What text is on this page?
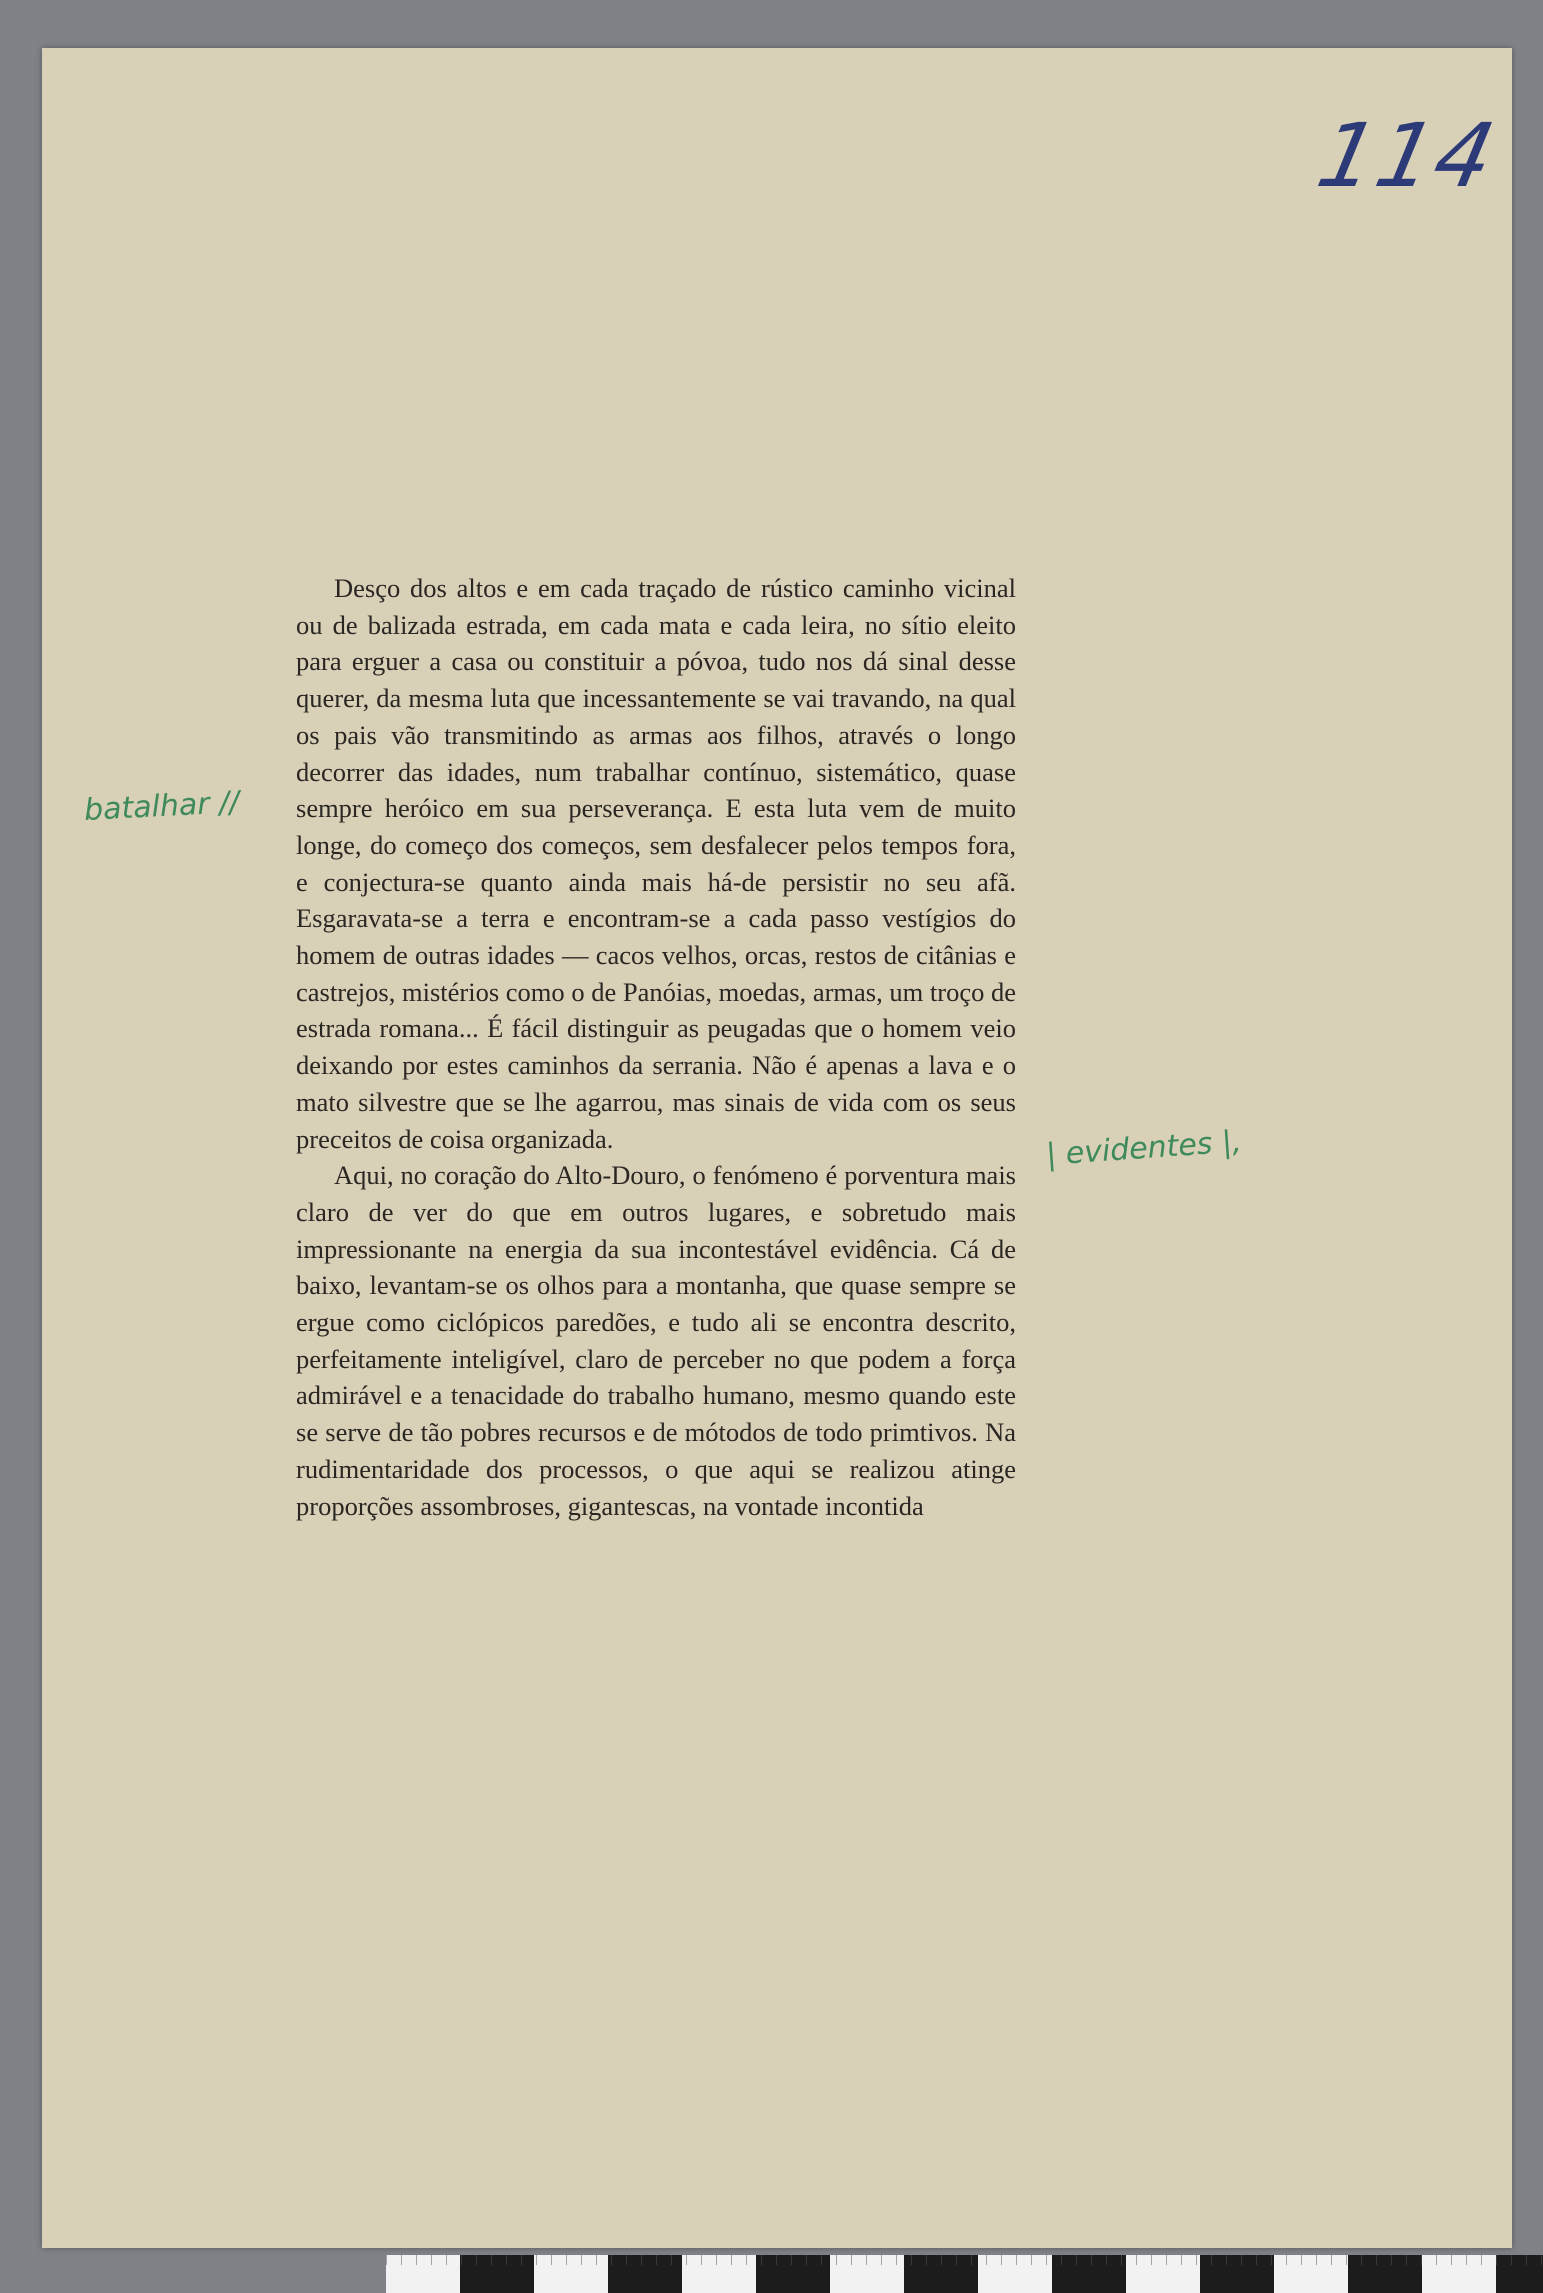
114

Desço dos altos e em cada traçado de rústico caminho vicinal ou de balizada estrada, em cada mata e cada leira, no sítio eleito para erguer a casa ou constituir a póvoa, tudo nos dá sinal desse querer, da mesma luta que incessantemente se vai travando, na qual os pais vão transmitindo as armas aos filhos, através o longo decorrer das idades, num trabalhar contínuo, sistemático, quase sempre heróico em sua perseverança. E esta luta vem de muito longe, do começo dos começos, sem desfalecer pelos tempos fora, e conjectura-se quanto ainda mais há-de persistir no seu afã. Esgaravata-se a terra e encontram-se a cada passo vestígios do homem de outras idades — cacos velhos, orcas, restos de citânias e castrejos, mistérios como o de Panóias, moedas, armas, um troço de estrada romana... É fácil distinguir as peugadas que o homem veio deixando por estes caminhos da serrania. Não é apenas a lava e o mato silvestre que se lhe agarrou, mas sinais de vida com os seus preceitos de coisa organizada.

Aqui, no coração do Alto-Douro, o fenómeno é porventura mais claro de ver do que em outros lugares, e sobretudo mais impressionante na energia da sua incontestável evidência. Cá de baixo, levantam-se os olhos para a montanha, que quase sempre se ergue como ciclópicos paredões, e tudo ali se encontra descrito, perfeitamente inteligível, claro de perceber no que podem a força admirável e a tenacidade do trabalho humano, mesmo quando este se serve de tão pobres recursos e de mótodos de todo primtivos. Na rudimentaridade dos processos, o que aqui se realizou atinge proporções assombroses, gigantescas, na vontade incontida

batalhar //
| evidentes |,
